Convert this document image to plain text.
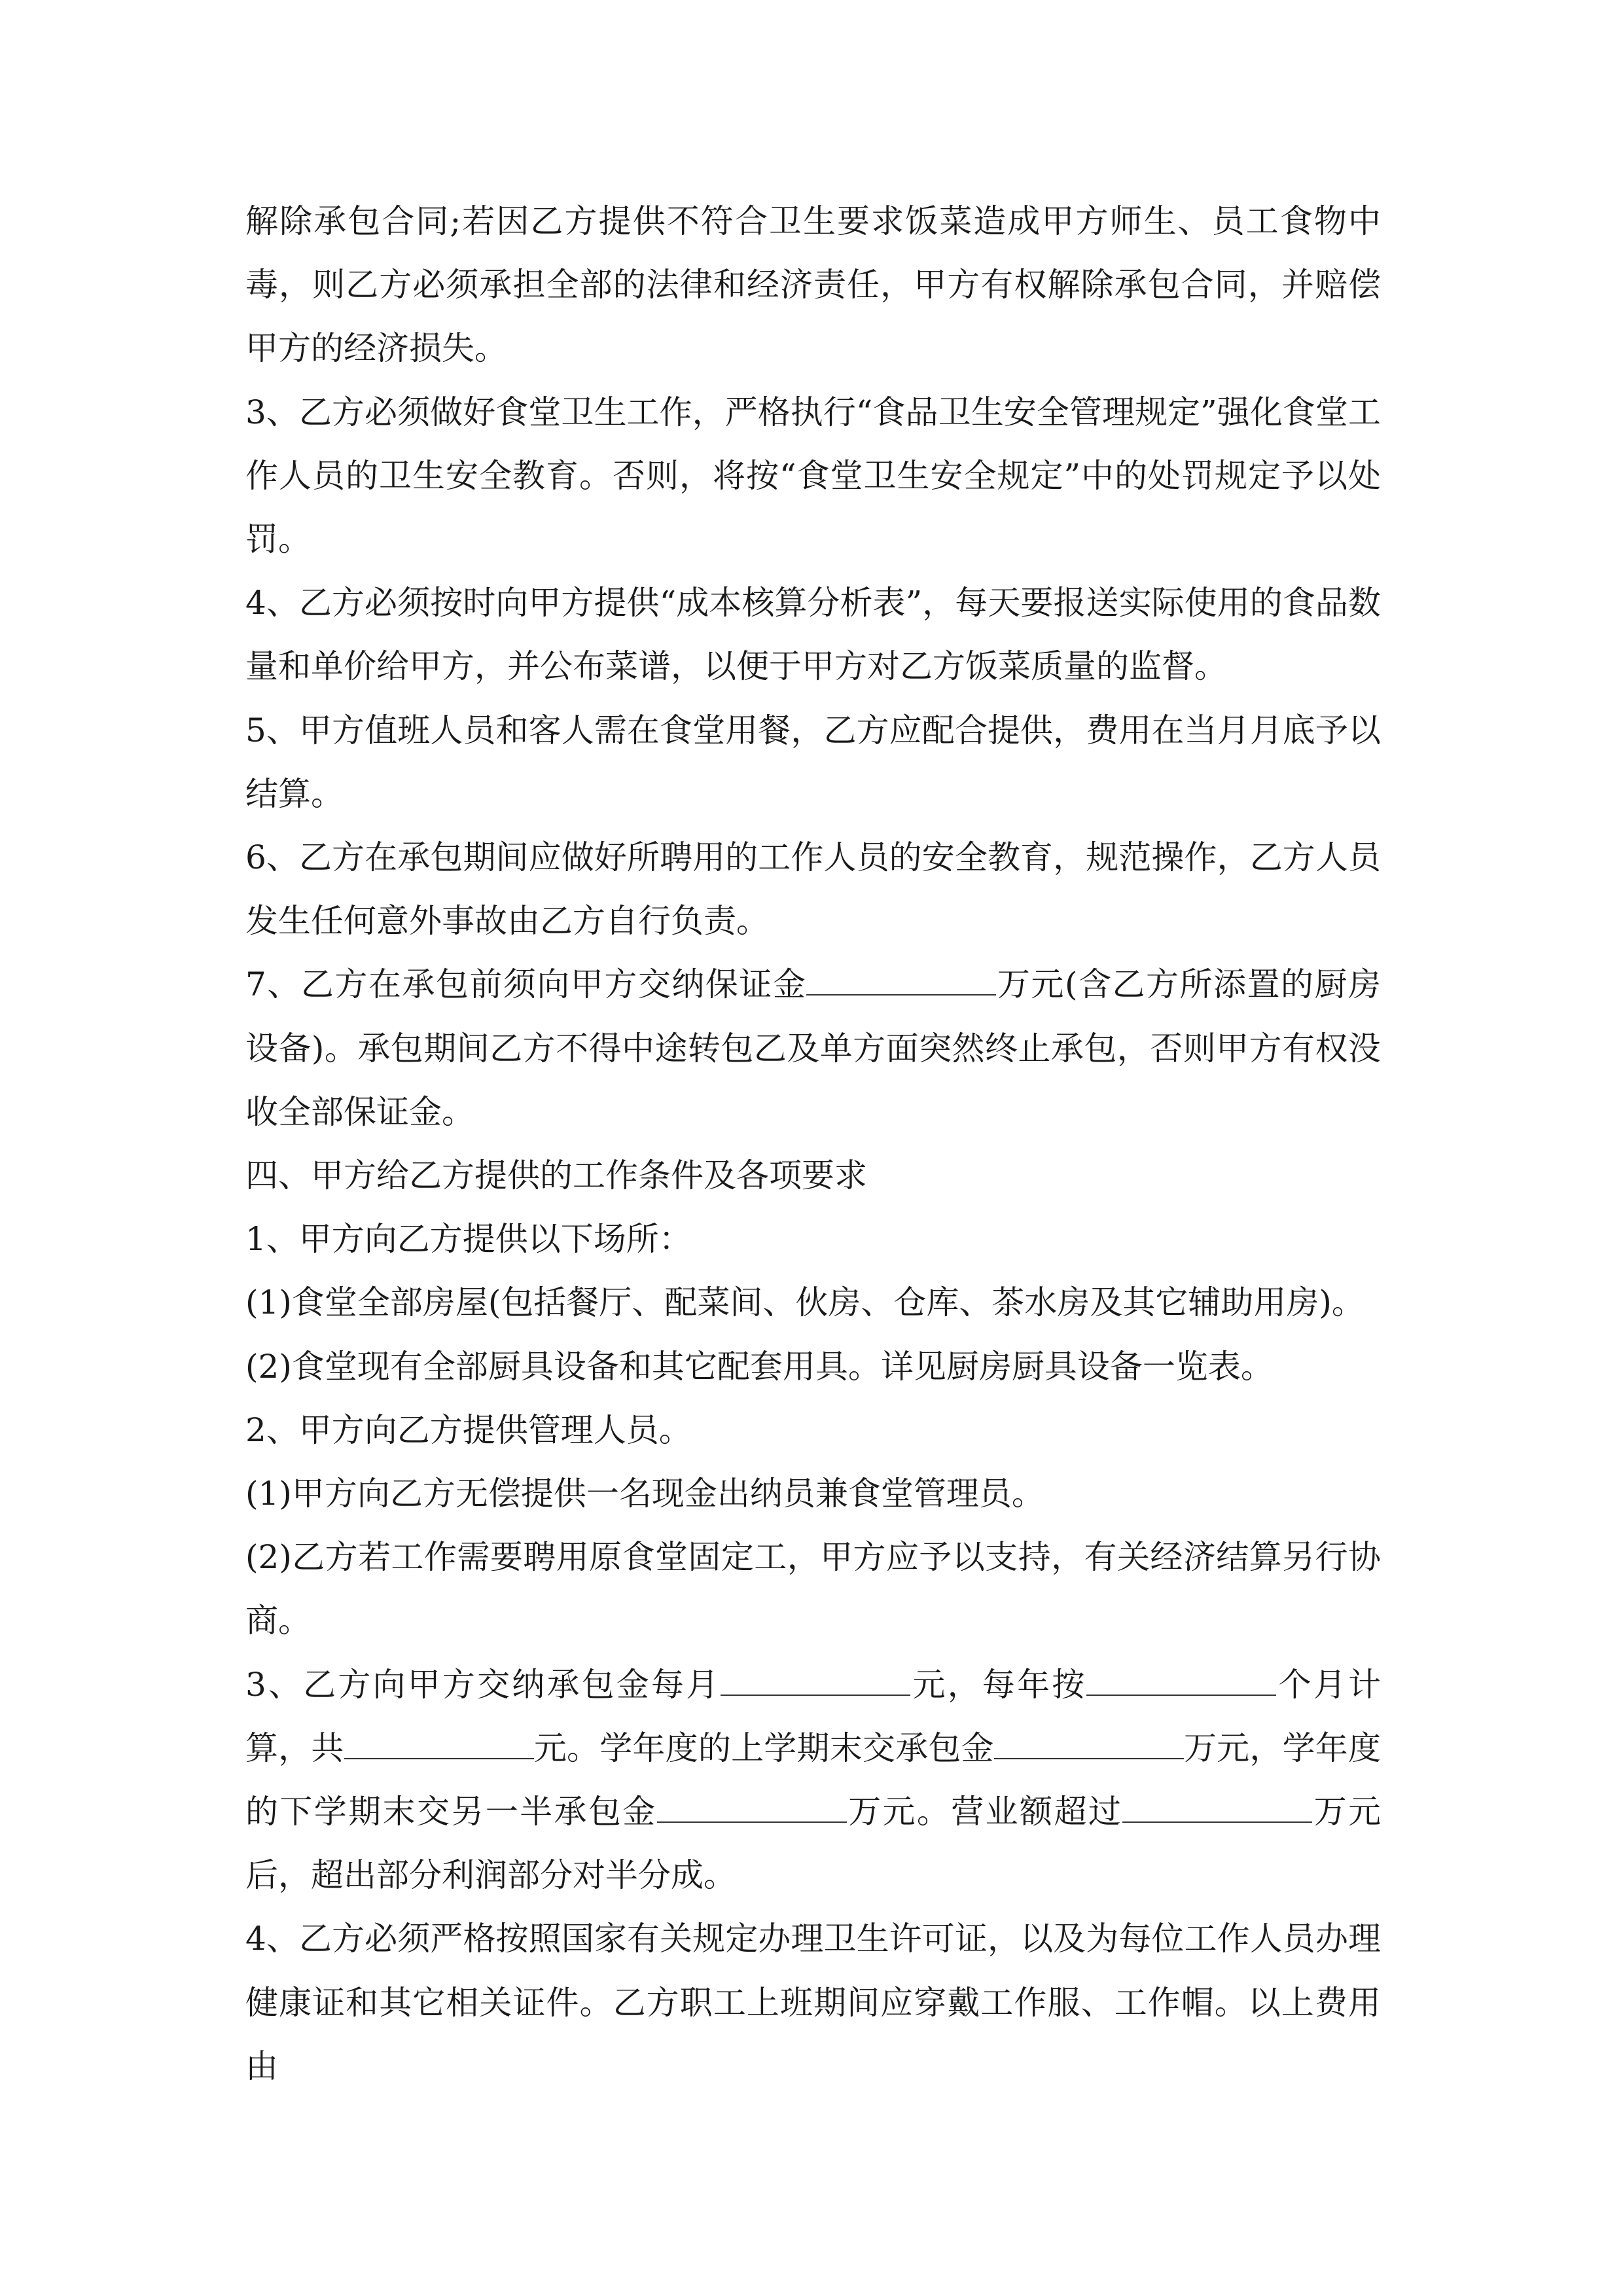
解除承包合同;若因乙方提供不符合卫生要求饭菜造成甲方师生、员工食物中毒，则乙方必须承担全部的法律和经济责任，甲方有权解除承包合同，并赔偿甲方的经济损失。

3、乙方必须做好食堂卫生工作，严格执行“食品卫生安全管理规定”强化食堂工作人员的卫生安全教育。否则，将按“食堂卫生安全规定”中的处罚规定予以处罚。

4、乙方必须按时向甲方提供“成本核算分析表”，每天要报送实际使用的食品数量和单价给甲方，并公布菜谱，以便于甲方对乙方饭菜质量的监督。

5、甲方值班人员和客人需在食堂用餐，乙方应配合提供，费用在当月月底予以结算。

6、乙方在承包期间应做好所聘用的工作人员的安全教育，规范操作，乙方人员发生任何意外事故由乙方自行负责。

7、乙方在承包前须向甲方交纳保证金	万元(含乙方所添置的厨房设备)。承包期间乙方不得中途转包乙及单方面突然终止承包，否则甲方有权没收全部保证金。

四、甲方给乙方提供的工作条件及各项要求

1、甲方向乙方提供以下场所：

(1)食堂全部房屋(包括餐厅、配菜间、伙房、仓库、茶水房及其它辅助用房)。

(2)食堂现有全部厨具设备和其它配套用具。详见厨房厨具设备一览表。

2、甲方向乙方提供管理人员。

(1)甲方向乙方无偿提供一名现金出纳员兼食堂管理员。

(2)乙方若工作需要聘用原食堂固定工，甲方应予以支持，有关经济结算另行协商。

3、乙方向甲方交纳承包金每月	元，每年按	个月计算，共	元。学年度的上学期末交承包金	万元，学年度的下学期末交另一半承包金	万元。营业额超过	万元后，超出部分利润部分对半分成。

4、乙方必须严格按照国家有关规定办理卫生许可证，以及为每位工作人员办理健康证和其它相关证件。乙方职工上班期间应穿戴工作服、工作帽。以上费用由
